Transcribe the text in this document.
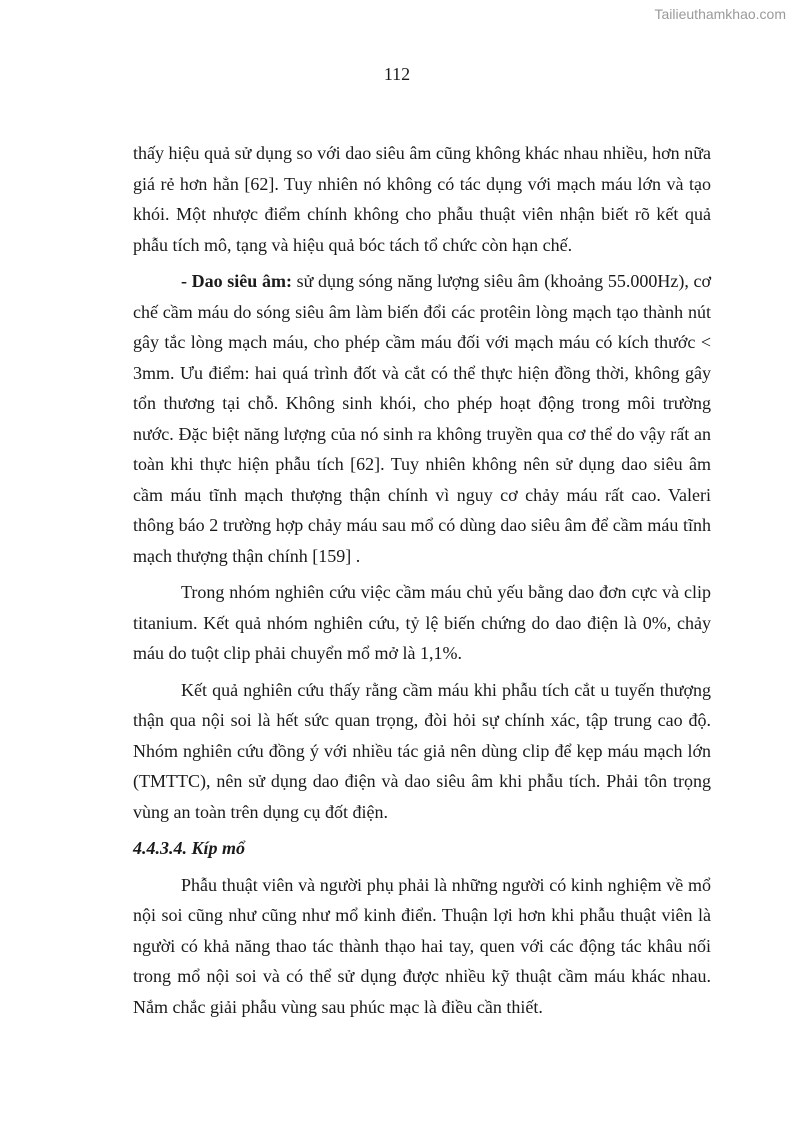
Tailieuthamkhao.com
112

thấy hiệu quả sử dụng so với dao siêu âm cũng không khác nhau nhiều, hơn nữa giá rẻ hơn hẳn [62]. Tuy nhiên nó không có tác dụng với mạch máu lớn và tạo khói. Một nhược điểm chính không cho phẫu thuật viên nhận biết rõ kết quả phẫu tích mô, tạng và hiệu quả bóc tách tổ chức còn hạn chế.

- Dao siêu âm: sử dụng sóng năng lượng siêu âm (khoảng 55.000Hz), cơ chế cầm máu do sóng siêu âm làm biến đổi các protêin lòng mạch tạo thành nút gây tắc lòng mạch máu, cho phép cầm máu đối với mạch máu có kích thước < 3mm. Ưu điểm: hai quá trình đốt và cắt có thể thực hiện đồng thời, không gây tổn thương tại chỗ. Không sinh khói, cho phép hoạt động trong môi trường nước. Đặc biệt năng lượng của nó sinh ra không truyền qua cơ thể do vậy rất an toàn khi thực hiện phẫu tích [62]. Tuy nhiên không nên sử dụng dao siêu âm cầm máu tĩnh mạch thượng thận chính vì nguy cơ chảy máu rất cao. Valeri thông báo 2 trường hợp chảy máu sau mổ có dùng dao siêu âm để cầm máu tĩnh mạch thượng thận chính [159] .

Trong nhóm nghiên cứu việc cầm máu chủ yếu bằng dao đơn cực và clip titanium. Kết quả nhóm nghiên cứu, tỷ lệ biến chứng do dao điện là 0%, chảy máu do tuột clip phải chuyển mổ mở là 1,1%.

Kết quả nghiên cứu thấy rằng cầm máu khi phẫu tích cắt u tuyến thượng thận qua nội soi là hết sức quan trọng, đòi hỏi sự chính xác, tập trung cao độ. Nhóm nghiên cứu đồng ý với nhiều tác giả nên dùng clip để kẹp máu mạch lớn (TMTTC), nên sử dụng dao điện và dao siêu âm khi phẫu tích. Phải tôn trọng vùng an toàn trên dụng cụ đốt điện.

4.4.3.4. Kíp mổ

Phẫu thuật viên và người phụ phải là những người có kinh nghiệm về mổ nội soi cũng như cũng như mổ kinh điển. Thuận lợi hơn khi phẫu thuật viên là người có khả năng thao tác thành thạo hai tay, quen với các động tác khâu nối trong mổ nội soi và có thể sử dụng được nhiều kỹ thuật cầm máu khác nhau. Nắm chắc giải phẫu vùng sau phúc mạc là điều cần thiết.
